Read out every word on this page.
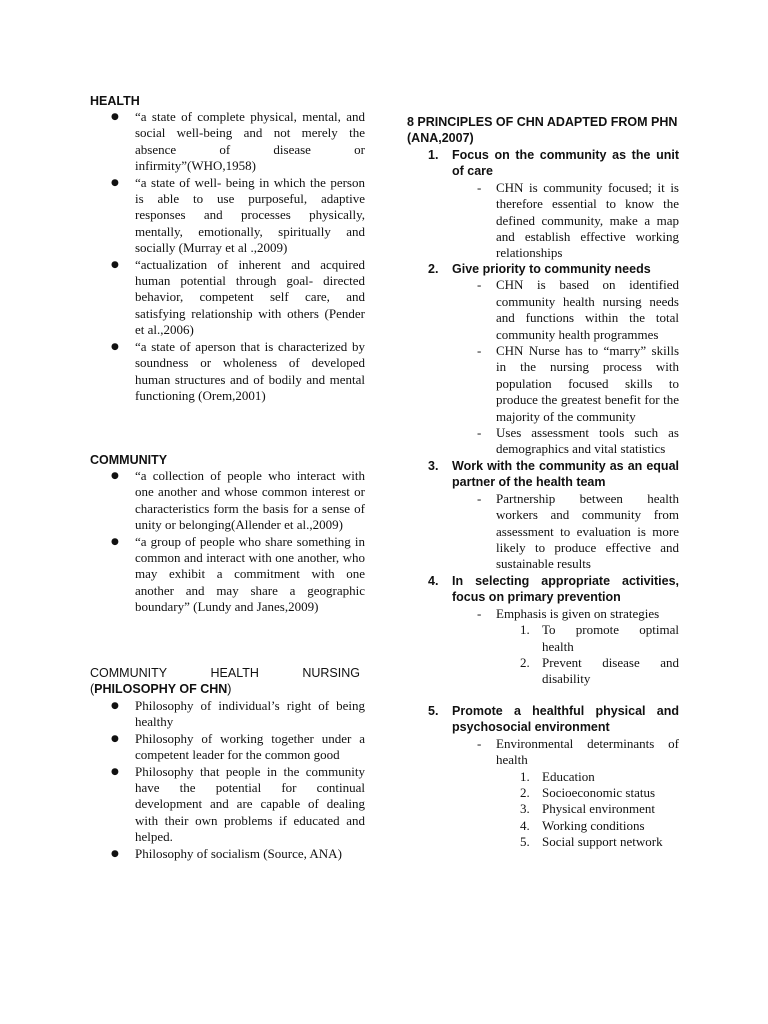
HEALTH
● “a state of complete physical, mental, and social well-being and not merely the absence of disease or infirmity”(WHO,1958)
● “a state of well- being in which the person is able to use purposeful, adaptive responses and processes physically, mentally, emotionally, spiritually and socially (Murray et al .,2009)
● “actualization of inherent and acquired human potential through goal- directed behavior, competent self care, and satisfying relationship with others (Pender et al.,2006)
● “a state of aperson that is characterized by soundness or wholeness of developed human structures and of bodily and mental functioning (Orem,2001)
COMMUNITY
● “a collection of people who interact with one another and whose common interest or characteristics form the basis for a sense of unity or belonging(Allender et al.,2009)
● “a group of people who share something in common and interact with one another, who may exhibit a commitment with one another and may share a geographic boundary” (Lundy and Janes,2009)
COMMUNITY	HEALTH	NURSING
(PHILOSOPHY OF CHN)
● Philosophy of individual’s right of being healthy
● Philosophy of working together under a competent leader for the common good
● Philosophy that people in the community have the potential for continual development and are capable of dealing with their own problems if educated and helped.
● Philosophy of socialism (Source, ANA)
8 PRINCIPLES OF CHN ADAPTED FROM PHN (ANA,2007)
1. Focus on the community as the unit of care
- CHN is community focused; it is therefore essential to know the defined community, make a map and establish effective working relationships
2. Give priority to community needs
- CHN is based on identified community health nursing needs and functions within the total community health programmes
- CHN Nurse has to “marry” skills in the nursing process with population focused skills to produce the greatest benefit for the majority of the community
- Uses assessment tools such as demographics and vital statistics
3. Work with the community as an equal partner of the health team
- Partnership between health workers and community from assessment to evaluation is more likely to produce effective and sustainable results
4. In selecting appropriate activities, focus on primary prevention
- Emphasis is given on strategies
1. To promote optimal health
2. Prevent disease and disability
5. Promote a healthful physical and psychosocial environment
- Environmental determinants of health
1. Education
2. Socioeconomic status
3. Physical environment
4. Working conditions
5. Social support network
